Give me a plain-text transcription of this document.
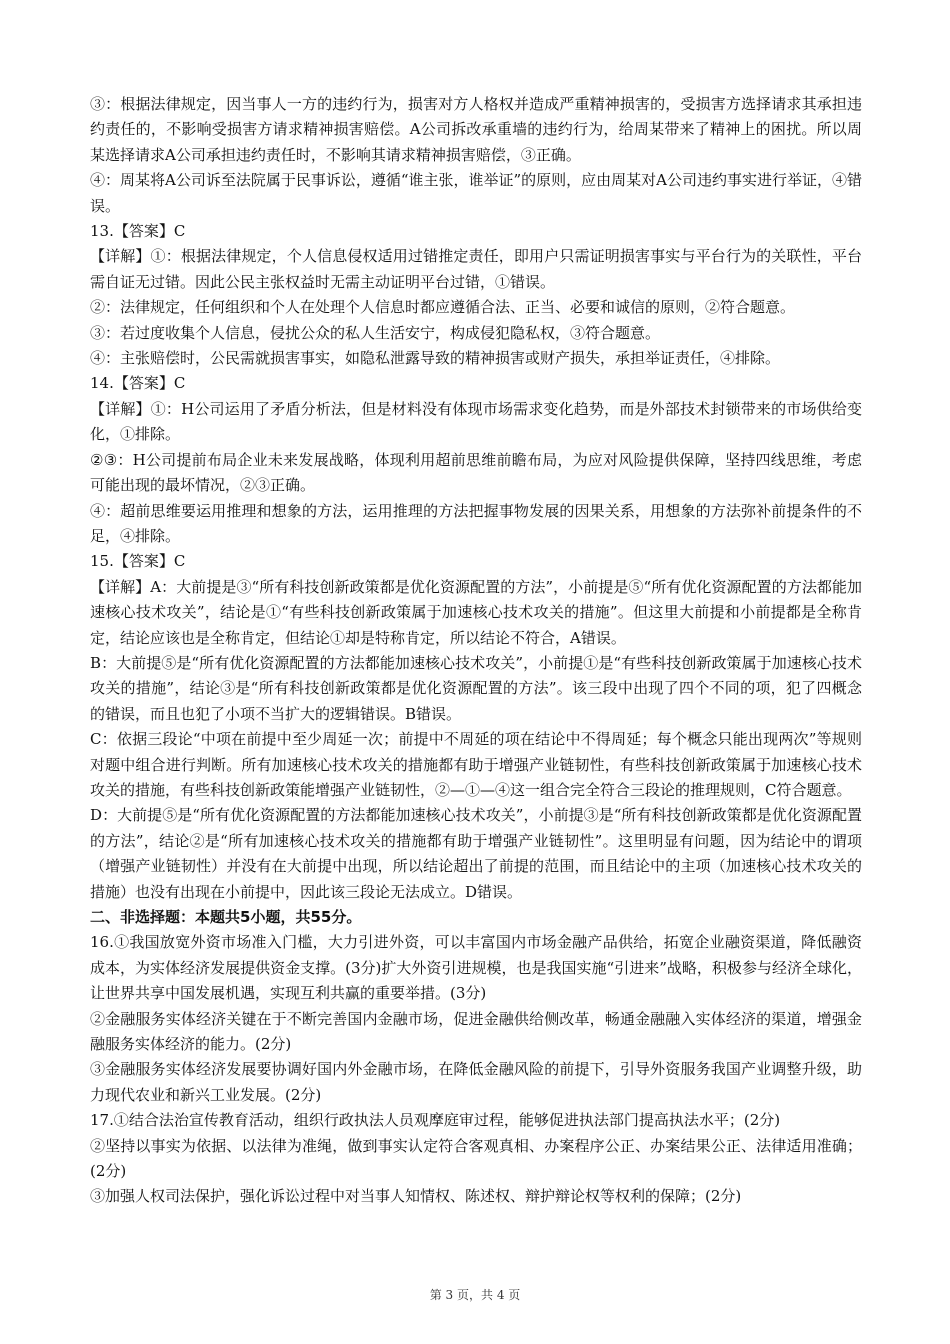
③：根据法律规定，因当事人一方的违约行为，损害对方人格权并造成严重精神损害的，受损害方选择请求其承担违约责任的，不影响受损害方请求精神损害赔偿。A公司拆改承重墙的违约行为，给周某带来了精神上的困扰。所以周某选择请求A公司承担违约责任时，不影响其请求精神损害赔偿，③正确。

④：周某将A公司诉至法院属于民事诉讼，遵循“谁主张，谁举证”的原则，应由周某对A公司违约事实进行举证，④错误。

13.【答案】C

【详解】①：根据法律规定，个人信息侵权适用过错推定责任，即用户只需证明损害事实与平台行为的关联性，平台需自证无过错。因此公民主张权益时无需主动证明平台过错，①错误。

②：法律规定，任何组织和个人在处理个人信息时都应遵循合法、正当、必要和诚信的原则，②符合题意。

③：若过度收集个人信息，侵扰公众的私人生活安宁，构成侵犯隐私权，③符合题意。

④：主张赔偿时，公民需就损害事实，如隐私泄露导致的精神损害或财产损失，承担举证责任，④排除。

14.【答案】C

【详解】①：H公司运用了矛盾分析法，但是材料没有体现市场需求变化趋势，而是外部技术封锁带来的市场供给变化，①排除。

②③：H公司提前布局企业未来发展战略，体现利用超前思维前瞻布局，为应对风险提供保障，坚持四线思维，考虑可能出现的最坏情况，②③正确。

④：超前思维要运用推理和想象的方法，运用推理的方法把握事物发展的因果关系，用想象的方法弥补前提条件的不足，④排除。

15.【答案】C

【详解】A：大前提是③“所有科技创新政策都是优化资源配置的方法”，小前提是⑤“所有优化资源配置的方法都能加速核心技术攻关”，结论是①“有些科技创新政策属于加速核心技术攻关的措施”。但这里大前提和小前提都是全称肯定，结论应该也是全称肯定，但结论①却是特称肯定，所以结论不符合，A错误。

B：大前提⑤是“所有优化资源配置的方法都能加速核心技术攻关”，小前提①是“有些科技创新政策属于加速核心技术攻关的措施”，结论③是“所有科技创新政策都是优化资源配置的方法”。该三段中出现了四个不同的项，犯了四概念的错误，而且也犯了小项不当扩大的逻辑错误。B错误。

C：依据三段论“中项在前提中至少周延一次；前提中不周延的项在结论中不得周延；每个概念只能出现两次”等规则对题中组合进行判断。所有加速核心技术攻关的措施都有助于增强产业链韧性，有些科技创新政策属于加速核心技术攻关的措施，有些科技创新政策能增强产业链韧性，②—①—④这一组合完全符合三段论的推理规则，C符合题意。

D：大前提⑤是“所有优化资源配置的方法都能加速核心技术攻关”，小前提③是“所有科技创新政策都是优化资源配置的方法”，结论②是“所有加速核心技术攻关的措施都有助于增强产业链韧性”。这里明显有问题，因为结论中的谓项（增强产业链韧性）并没有在大前提中出现，所以结论超出了前提的范围，而且结论中的主项（加速核心技术攻关的措施）也没有出现在小前提中，因此该三段论无法成立。D错误。

二、非选择题：本题共5小题，共55分。

16.①我国放宽外资市场准入门槛，大力引进外资，可以丰富国内市场金融产品供给，拓宽企业融资渠道，降低融资成本，为实体经济发展提供资金支撑。(3分)扩大外资引进规模，也是我国实施“引进来”战略，积极参与经济全球化，让世界共享中国发展机遇，实现互利共赢的重要举措。(3分)

②金融服务实体经济关键在于不断完善国内金融市场，促进金融供给侧改革，畅通金融融入实体经济的渠道，增强金融服务实体经济的能力。(2分)

③金融服务实体经济发展要协调好国内外金融市场，在降低金融风险的前提下，引导外资服务我国产业调整升级，助力现代农业和新兴工业发展。(2分)

17.①结合法治宣传教育活动，组织行政执法人员观摩庭审过程，能够促进执法部门提高执法水平；(2分)

②坚持以事实为依据、以法律为准绳，做到事实认定符合客观真相、办案程序公正、办案结果公正、法律适用准确；(2分)

③加强人权司法保护，强化诉讼过程中对当事人知情权、陈述权、辩护辩论权等权利的保障；(2分)

第 3 页，共 4 页
